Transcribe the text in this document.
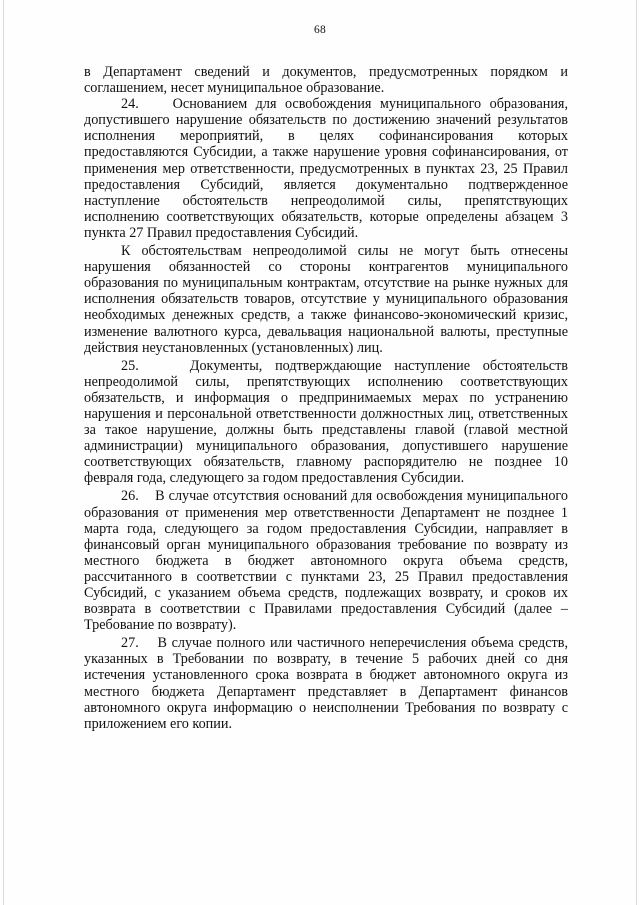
68

в Департамент сведений и документов, предусмотренных порядком и соглашением, несет муниципальное образование.

24.    Основанием для освобождения муниципального образования, допустившего нарушение обязательств по достижению значений результатов исполнения мероприятий, в целях софинансирования которых предоставляются Субсидии, а также нарушение уровня софинансирования, от применения мер ответственности, предусмотренных в пунктах 23, 25 Правил предоставления Субсидий, является документально подтвержденное наступление обстоятельств непреодолимой силы, препятствующих исполнению соответствующих обязательств, которые определены абзацем 3 пункта 27 Правил предоставления Субсидий.

К обстоятельствам непреодолимой силы не могут быть отнесены нарушения обязанностей со стороны контрагентов муниципального образования по муниципальным контрактам, отсутствие на рынке нужных для исполнения обязательств товаров, отсутствие у муниципального образования необходимых денежных средств, а также финансово-экономический кризис, изменение валютного курса, девальвация национальной валюты, преступные действия неустановленных (установленных) лиц.

25.    Документы, подтверждающие наступление обстоятельств непреодолимой силы, препятствующих исполнению соответствующих обязательств, и информация о предпринимаемых мерах по устранению нарушения и персональной ответственности должностных лиц, ответственных за такое нарушение, должны быть представлены главой (главой местной администрации) муниципального образования, допустившего нарушение соответствующих обязательств, главному распорядителю не позднее 10 февраля года, следующего за годом предоставления Субсидии.

26.    В случае отсутствия оснований для освобождения муниципального образования от применения мер ответственности Департамент не позднее 1 марта года, следующего за годом предоставления Субсидии, направляет в финансовый орган муниципального образования требование по возврату из местного бюджета в бюджет автономного округа объема средств, рассчитанного в соответствии с пунктами 23, 25 Правил предоставления Субсидий, с указанием объема средств, подлежащих возврату, и сроков их возврата в соответствии с Правилами предоставления Субсидий (далее – Требование по возврату).

27.    В случае полного или частичного неперечисления объема средств, указанных в Требовании по возврату, в течение 5 рабочих дней со дня истечения установленного срока возврата в бюджет автономного округа из местного бюджета Департамент представляет в Департамент финансов автономного округа информацию о неисполнении Требования по возврату с приложением его копии.
